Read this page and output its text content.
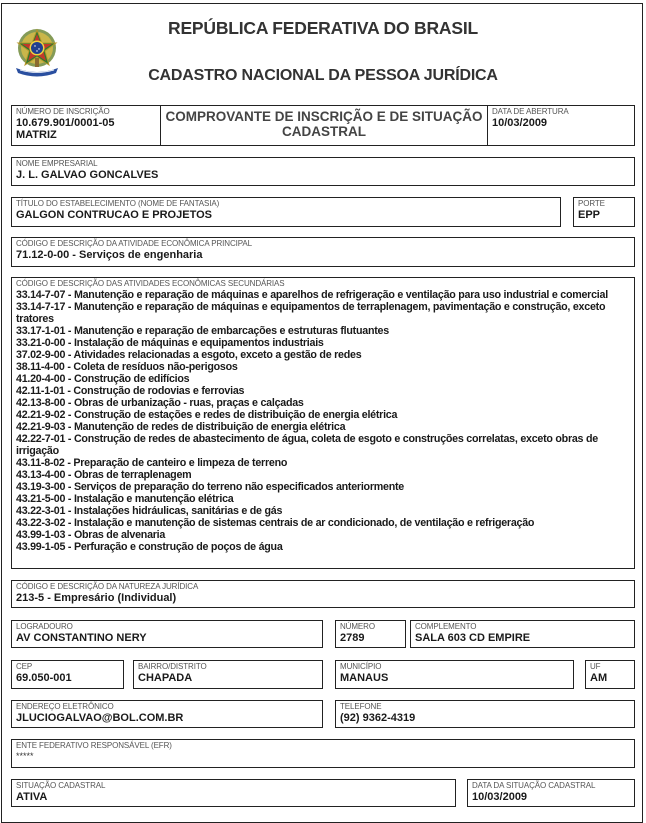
REPÚBLICA FEDERATIVA DO BRASIL
CADASTRO NACIONAL DA PESSOA JURÍDICA
NÚMERO DE INSCRIÇÃO
10.679.901/0001-05
MATRIZ
COMPROVANTE DE INSCRIÇÃO E DE SITUAÇÃO CADASTRAL
DATA DE ABERTURA
10/03/2009
NOME EMPRESARIAL
J. L. GALVAO GONCALVES
TÍTULO DO ESTABELECIMENTO (NOME DE FANTASIA)
GALGON CONTRUCAO E PROJETOS
PORTE
EPP
CÓDIGO E DESCRIÇÃO DA ATIVIDADE ECONÔMICA PRINCIPAL
71.12-0-00 - Serviços de engenharia
CÓDIGO E DESCRIÇÃO DAS ATIVIDADES ECONÔMICAS SECUNDÁRIAS
33.14-7-07 - Manutenção e reparação de máquinas e aparelhos de refrigeração e ventilação para uso industrial e comercial
33.14-7-17 - Manutenção e reparação de máquinas e equipamentos de terraplenagem, pavimentação e construção, exceto tratores
33.17-1-01 - Manutenção e reparação de embarcações e estruturas flutuantes
33.21-0-00 - Instalação de máquinas e equipamentos industriais
37.02-9-00 - Atividades relacionadas a esgoto, exceto a gestão de redes
38.11-4-00 - Coleta de resíduos não-perigosos
41.20-4-00 - Construção de edifícios
42.11-1-01 - Construção de rodovias e ferrovias
42.13-8-00 - Obras de urbanização - ruas, praças e calçadas
42.21-9-02 - Construção de estações e redes de distribuição de energia elétrica
42.21-9-03 - Manutenção de redes de distribuição de energia elétrica
42.22-7-01 - Construção de redes de abastecimento de água, coleta de esgoto e construções correlatas, exceto obras de irrigação
43.11-8-02 - Preparação de canteiro e limpeza de terreno
43.13-4-00 - Obras de terraplenagem
43.19-3-00 - Serviços de preparação do terreno não especificados anteriormente
43.21-5-00 - Instalação e manutenção elétrica
43.22-3-01 - Instalações hidráulicas, sanitárias e de gás
43.22-3-02 - Instalação e manutenção de sistemas centrais de ar condicionado, de ventilação e refrigeração
43.99-1-03 - Obras de alvenaria
43.99-1-05 - Perfuração e construção de poços de água
CÓDIGO E DESCRIÇÃO DA NATUREZA JURÍDICA
213-5 - Empresário (Individual)
LOGRADOURO
AV CONSTANTINO NERY
NÚMERO
2789
COMPLEMENTO
SALA 603 CD EMPIRE
CEP
69.050-001
BAIRRO/DISTRITO
CHAPADA
MUNICÍPIO
MANAUS
UF
AM
ENDEREÇO ELETRÔNICO
JLUCIOGALVAO@BOL.COM.BR
TELEFONE
(92) 9362-4319
ENTE FEDERATIVO RESPONSÁVEL (EFR)
*****
SITUAÇÃO CADASTRAL
ATIVA
DATA DA SITUAÇÃO CADASTRAL
10/03/2009
